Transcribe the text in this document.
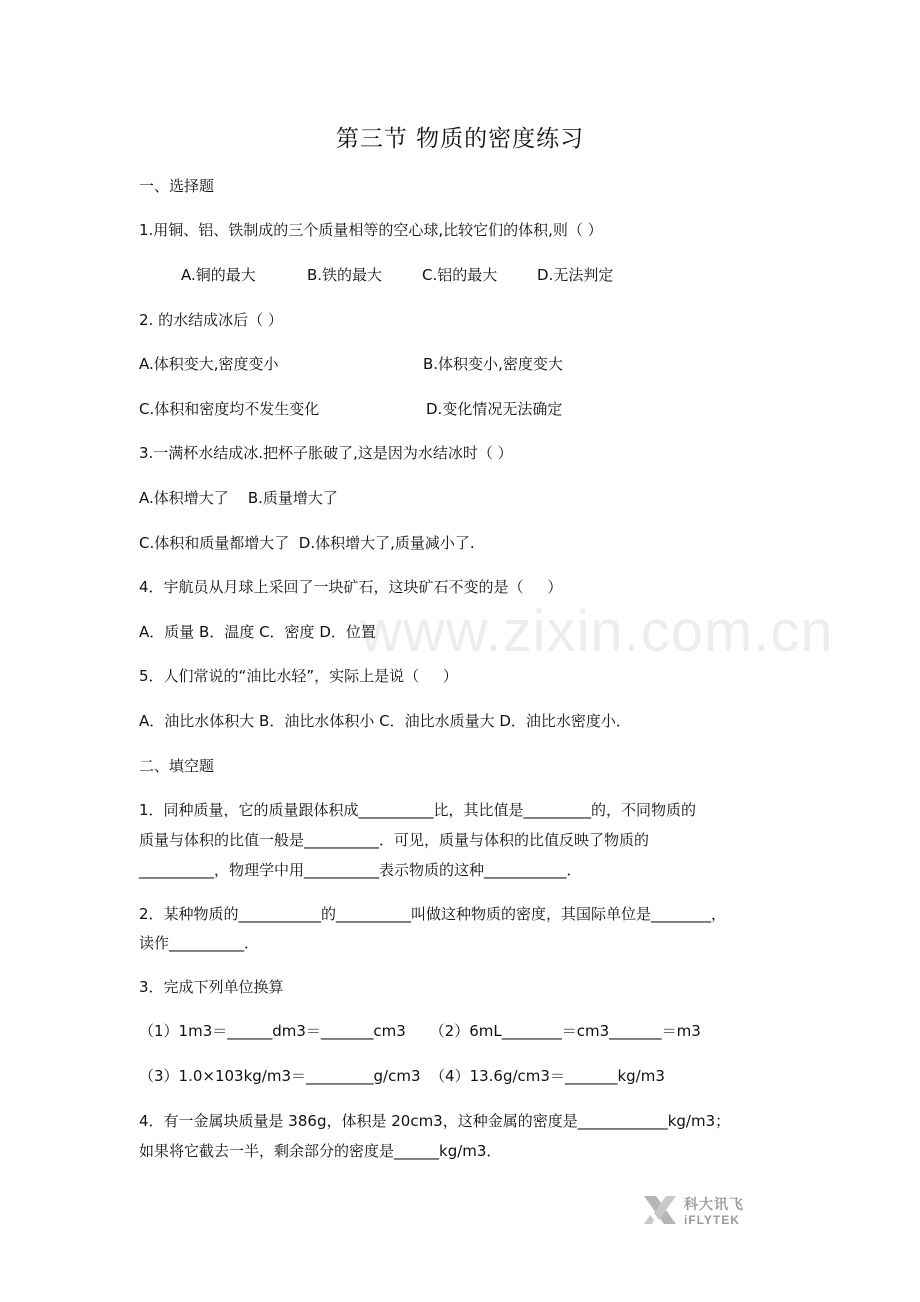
第三节 物质的密度练习
一、选择题
1.用铜、铝、铁制成的三个质量相等的空心球,比较它们的体积,则（ ）
A.铜的最大	B.铁的最大	C.铝的最大	D.无法判定
2. 的水结成冰后（ ）
A.体积变大,密度变小	B.体积变小,密度变大
C.体积和密度均不发生变化	D.变化情况无法确定
3.一满杯水结成冰.把杯子胀破了,这是因为水结冰时（ ）
A.体积增大了    B.质量增大了
C.体积和质量都增大了  D.体积增大了,质量减小了.
4．宇航员从月球上采回了一块矿石，这块矿石不变的是（     ）
A．质量 B．温度 C．密度 D．位置
5．人们常说的“油比水轻”，实际上是说（     ）
A．油比水体积大 B．油比水体积小 C．油比水质量大 D．油比水密度小．
二、填空题
1．同种质量，它的质量跟体积成__________比，其比值是_________的，不同物质的
质量与体积的比值一般是__________．可见，质量与体积的比值反映了物质的
__________，物理学中用__________表示物质的这种___________．
2．某种物质的___________的__________叫做这种物质的密度，其国际单位是________，
读作__________．
3．完成下列单位换算
（1）1m3＝______dm3＝_______cm3     （2）6mL________＝cm3_______＝m3
（3）1.0×103kg/m3＝_________g/cm3  （4）13.6g/cm3＝_______kg/m3
4．有一金属块质量是 386g，体积是 20cm3，这种金属的密度是____________kg/m3；
如果将它截去一半，剩余部分的密度是______kg/m3．
www.zixin.com.cn
科大讯飞
iFLYTEK
